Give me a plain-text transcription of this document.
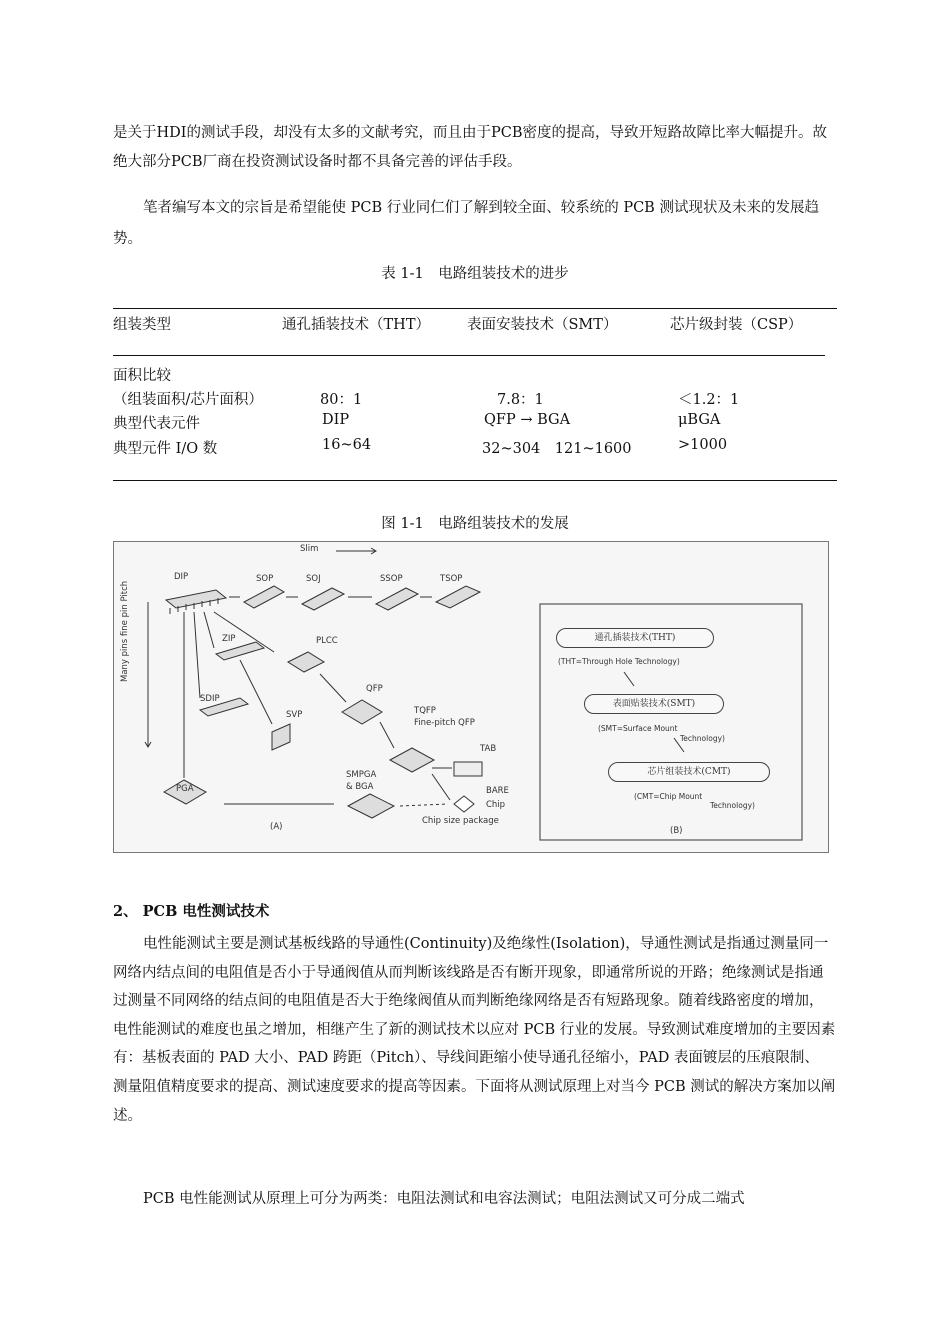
是关于HDI的测试手段，却没有太多的文献考究，而且由于PCB密度的提高，导致开短路故障比率大幅提升。故绝大部分PCB厂商在投资测试设备时都不具备完善的评估手段。

笔者编写本文的宗旨是希望能使 PCB 行业同仁们了解到较全面、较系统的 PCB 测试现状及未来的发展趋势。

表 1-1　电路组装技术的进步
组装类型	通孔插装技术（THT）	表面安装技术（SMT）	芯片级封装（CSP）
面积比较
（组装面积/芯片面积）	80：1	7.8：1	＜1.2：1
典型代表元件	DIP	QFP → BGA	μBGA
典型元件 I/O 数	16~64	32~304　121~1600	>1000
图 1-1　电路组装技术的发展
Slim
Many pins fine pin Pitch
DIP	SOP	SOJ	SSOP	TSOP
ZIP	PLCC
SDIP
QFP
SVP	TQFP
Fine-pitch QFP
TAB
PGA
SMPGA
& BGA	BARE
Chip
Chip size package
(A)
通孔插装技术(THT)
(THT=Through Hole Technology)
表面贴装技术(SMT)
(SMT=Surface Mount
Technology)
芯片组装技术(CMT)
(CMT=Chip Mount
Technology)
(B)
2、 PCB 电性测试技术

电性能测试主要是测试基板线路的导通性(Continuity)及绝缘性(Isolation)，导通性测试是指通过测量同一网络内结点间的电阻值是否小于导通阀值从而判断该线路是否有断开现象，即通常所说的开路；绝缘测试是指通过测量不同网络的结点间的电阻值是否大于绝缘阀值从而判断绝缘网络是否有短路现象。随着线路密度的增加，电性能测试的难度也虽之增加，相继产生了新的测试技术以应对 PCB 行业的发展。导致测试难度增加的主要因素有：基板表面的 PAD 大小、PAD 跨距（Pitch）、导线间距缩小使导通孔径缩小，PAD 表面镀层的压痕限制、 测量阻值精度要求的提高、测试速度要求的提高等因素。下面将从测试原理上对当今 PCB 测试的解决方案加以阐述。

PCB 电性能测试从原理上可分为两类：电阻法测试和电容法测试；电阻法测试又可分成二端式
